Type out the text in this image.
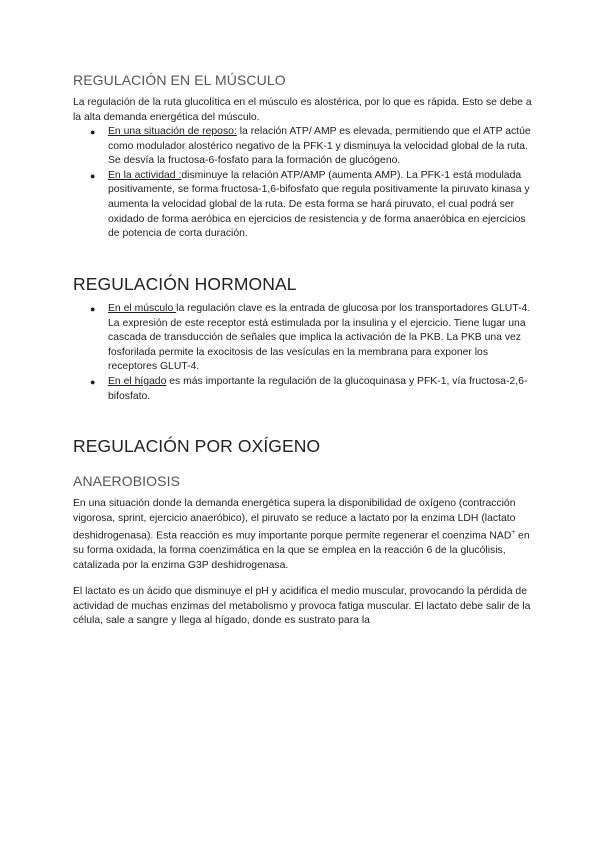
REGULACIÓN EN EL MÚSCULO

La regulación de la ruta glucolítica en el músculo es alostérica, por lo que es rápida. Esto se debe a la alta demanda energética del músculo.

● En una situación de reposo: la relación ATP/ AMP es elevada, permitiendo que el ATP actúe como modulador alostérico negativo de la PFK-1 y disminuya la velocidad global de la ruta. Se desvía la fructosa-6-fosfato para la formación de glucógeno.
● En la actividad :disminuye la relación ATP/AMP (aumenta AMP). La PFK-1 está modulada positivamente, se forma fructosa-1,6-bifosfato que regula positivamente la piruvato kinasa y aumenta la velocidad global de la ruta. De esta forma se hará piruvato, el cual podrá ser oxidado de forma aeróbica en ejercicios de resistencia y de forma anaeróbica en ejercicios de potencia de corta duración.
REGULACIÓN HORMONAL
● En el músculo la regulación clave es la entrada de glucosa por los transportadores GLUT-4. La expresión de este receptor está estimulada por la insulina y el ejercicio. Tiene lugar una cascada de transducción de señales que implica la activación de la PKB. La PKB una vez fosforilada permite la exocitosis de las vesículas en la membrana para exponer los receptores GLUT-4.
● En el hígado es más importante la regulación de la glucoquinasa y PFK-1, vía fructosa-2,6-bifosfato.
REGULACIÓN POR OXÍGENO
ANAEROBIOSIS

En una situación donde la demanda energética supera la disponibilidad de oxígeno (contracción vigorosa, sprint, ejercicio anaeróbico), el piruvato se reduce a lactato por la enzima LDH (lactato deshidrogenasa). Esta reacción es muy importante porque permite regenerar el coenzima NAD+ en su forma oxidada, la forma coenzimática en la que se emplea en la reacción 6 de la glucólisis, catalizada por la enzima G3P deshidrogenasa.

El lactato es un ácido que disminuye el pH y acidifica el medio muscular, provocando la pérdida de actividad de muchas enzimas del metabolismo y provoca fatiga muscular. El lactato debe salir de la célula, sale a sangre y llega al hígado, donde es sustrato para la
